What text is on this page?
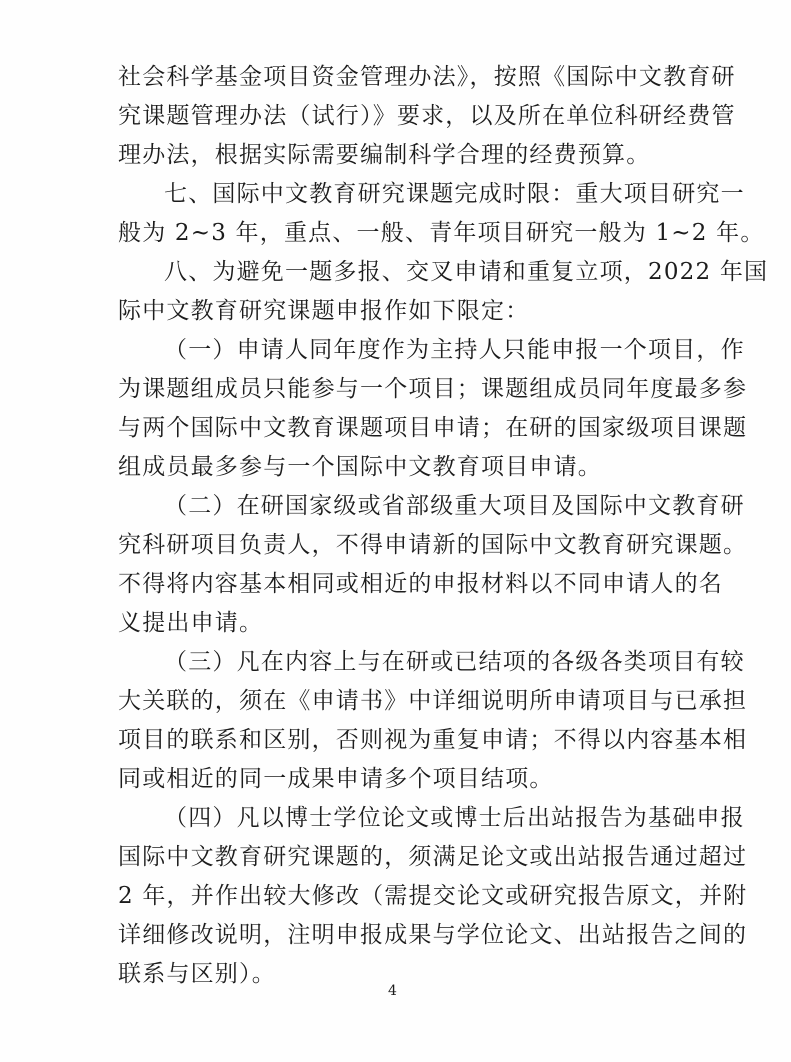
社会科学基金项目资金管理办法》，按照《国际中文教育研
究课题管理办法（试行）》要求，以及所在单位科研经费管
理办法，根据实际需要编制科学合理的经费预算。
七、国际中文教育研究课题完成时限：重大项目研究一
般为 2~3 年，重点、一般、青年项目研究一般为 1~2 年。
八、为避免一题多报、交叉申请和重复立项，2022 年国
际中文教育研究课题申报作如下限定：
（一）申请人同年度作为主持人只能申报一个项目，作
为课题组成员只能参与一个项目；课题组成员同年度最多参
与两个国际中文教育课题项目申请；在研的国家级项目课题
组成员最多参与一个国际中文教育项目申请。
（二）在研国家级或省部级重大项目及国际中文教育研
究科研项目负责人，不得申请新的国际中文教育研究课题。
不得将内容基本相同或相近的申报材料以不同申请人的名
义提出申请。
（三）凡在内容上与在研或已结项的各级各类项目有较
大关联的，须在《申请书》中详细说明所申请项目与已承担
项目的联系和区别，否则视为重复申请；不得以内容基本相
同或相近的同一成果申请多个项目结项。
（四）凡以博士学位论文或博士后出站报告为基础申报
国际中文教育研究课题的，须满足论文或出站报告通过超过
2 年，并作出较大修改（需提交论文或研究报告原文，并附
详细修改说明，注明申报成果与学位论文、出站报告之间的
联系与区别）。
4
